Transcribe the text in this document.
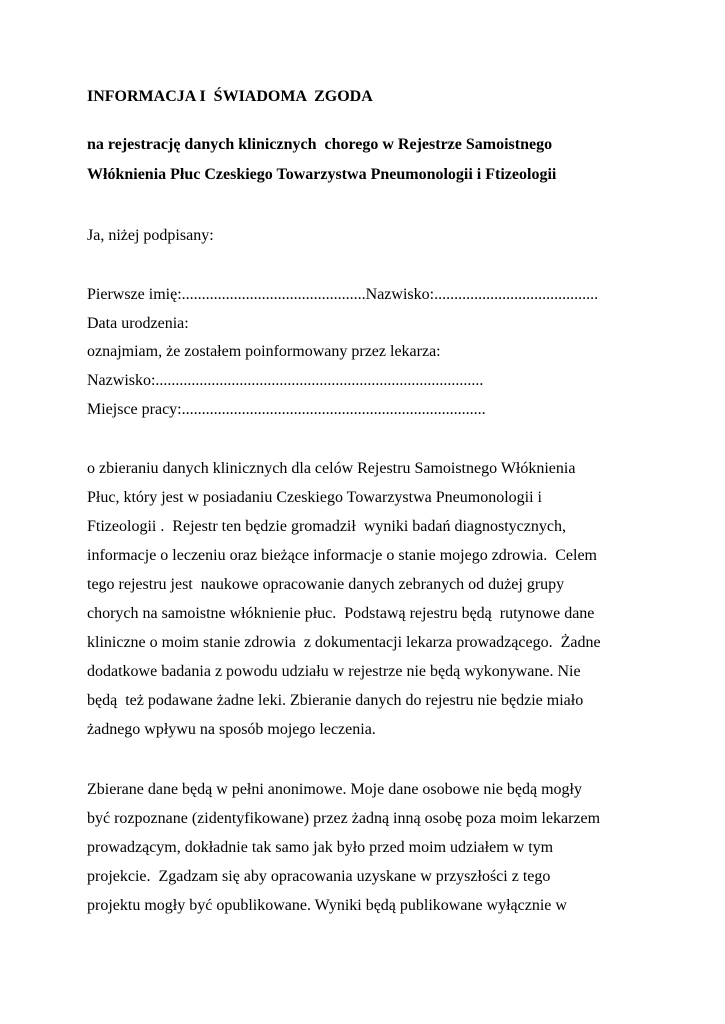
INFORMACJA I  ŚWIADOMA  ZGODA
na rejestrację danych klinicznych  chorego w Rejestrze Samoistnego
Włóknienia Płuc Czeskiego Towarzystwa Pneumonologii i Ftizeologii
Ja, niżej podpisany:
Pierwsze imię:..............................................Nazwisko:.........................................
Data urodzenia:
oznajmiam, że zostałem poinformowany przez lekarza:
Nazwisko:..................................................................................
Miejsce pracy:............................................................................
o zbieraniu danych klinicznych dla celów Rejestru Samoistnego Włóknienia
Płuc, który jest w posiadaniu Czeskiego Towarzystwa Pneumonologii i
Ftizeologii .  Rejestr ten będzie gromadził  wyniki badań diagnostycznych,
informacje o leczeniu oraz bieżące informacje o stanie mojego zdrowia.  Celem
tego rejestru jest  naukowe opracowanie danych zebranych od dużej grupy
chorych na samoistne włóknienie płuc.  Podstawą rejestru będą  rutynowe dane
kliniczne o moim stanie zdrowia  z dokumentacji lekarza prowadzącego.  Żadne
dodatkowe badania z powodu udziału w rejestrze nie będą wykonywane. Nie
będą  też podawane żadne leki. Zbieranie danych do rejestru nie będzie miało
żadnego wpływu na sposób mojego leczenia.
Zbierane dane będą w pełni anonimowe. Moje dane osobowe nie będą mogły
być rozpoznane (zidentyfikowane) przez żadną inną osobę poza moim lekarzem
prowadzącym, dokładnie tak samo jak było przed moim udziałem w tym
projekcie.  Zgadzam się aby opracowania uzyskane w przyszłości z tego
projektu mogły być opublikowane. Wyniki będą publikowane wyłącznie w
